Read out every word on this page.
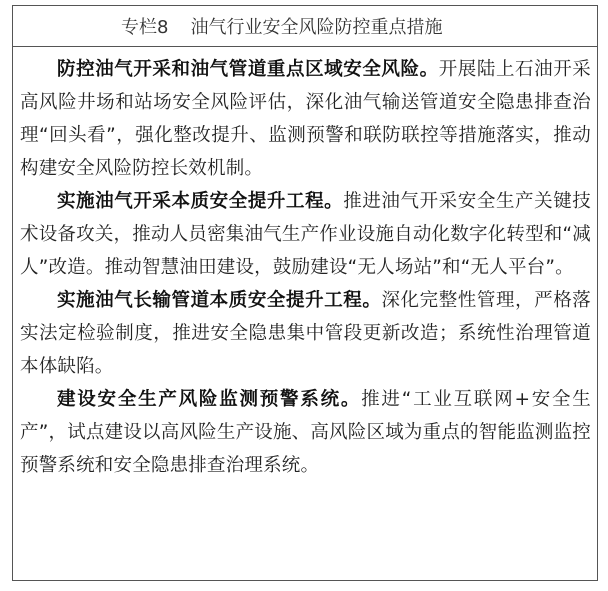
专栏8 油气行业安全风险防控重点措施

防控油气开采和油气管道重点区域安全风险。开展陆上石油开采高风险井场和站场安全风险评估，深化油气输送管道安全隐患排查治理“回头看”，强化整改提升、监测预警和联防联控等措施落实，推动构建安全风险防控长效机制。

实施油气开采本质安全提升工程。推进油气开采安全生产关键技术设备攻关，推动人员密集油气生产作业设施自动化数字化转型和“减人”改造。推动智慧油田建设，鼓励建设“无人场站”和“无人平台”。

实施油气长输管道本质安全提升工程。深化完整性管理，严格落实法定检验制度，推进安全隐患集中管段更新改造；系统性治理管道本体缺陷。

建设安全生产风险监测预警系统。推进“工业互联网+安全生产”，试点建设以高风险生产设施、高风险区域为重点的智能监测监控预警系统和安全隐患排查治理系统。
